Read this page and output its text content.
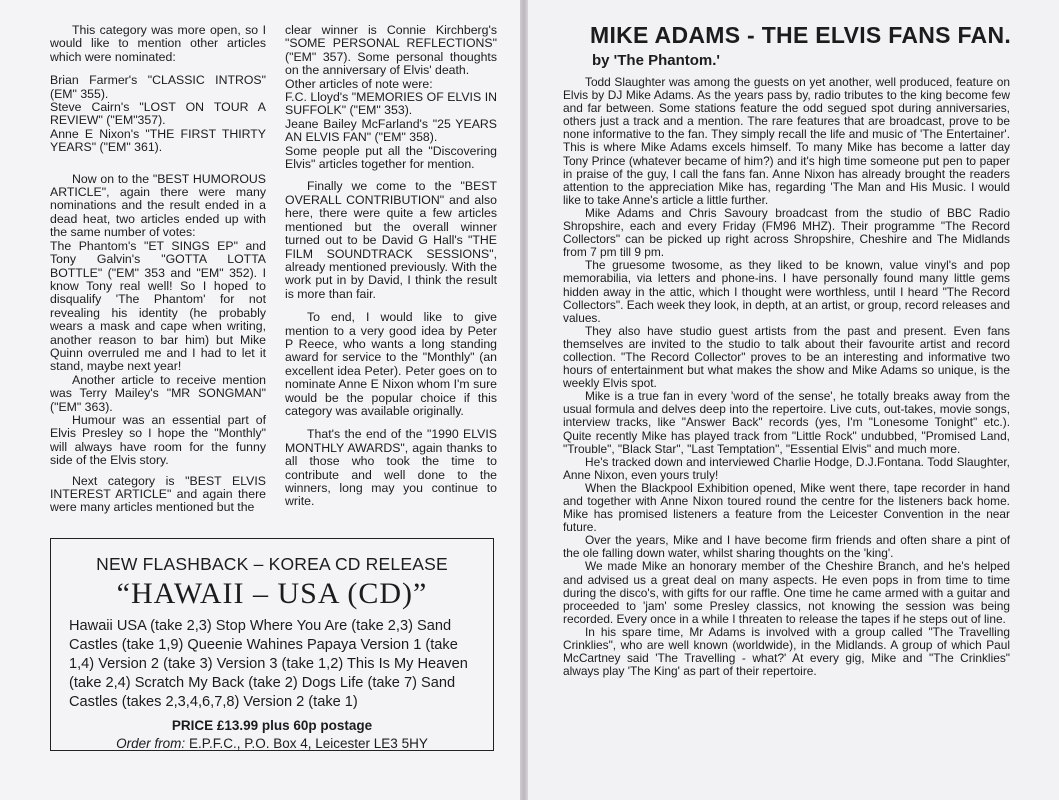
This category was more open, so I would like to mention other articles which were nominated:

Brian Farmer's "CLASSIC INTROS" (EM" 355).

Steve Cairn's "LOST ON TOUR A REVIEW" ("EM"357).

Anne E Nixon's "THE FIRST THIRTY YEARS" ("EM" 361).

Now on to the "BEST HUMOROUS ARTICLE", again there were many nominations and the result ended in a dead heat, two articles ended up with the same number of votes:

The Phantom's "ET SINGS EP" and Tony Galvin's "GOTTA LOTTA BOTTLE" ("EM" 353 and "EM" 352). I know Tony real well! So I hoped to disqualify 'The Phantom' for not revealing his identity (he probably wears a mask and cape when writing, another reason to bar him) but Mike Quinn overruled me and I had to let it stand, maybe next year!

Another article to receive mention was Terry Mailey's "MR SONGMAN" ("EM" 363).

Humour was an essential part of Elvis Presley so I hope the "Monthly" will always have room for the funny side of the Elvis story.

Next category is "BEST ELVIS INTEREST ARTICLE" and again there were many articles mentioned but the

clear winner is Connie Kirchberg's "SOME PERSONAL REFLECTIONS" ("EM" 357). Some personal thoughts on the anniversary of Elvis' death.

Other articles of note were:

F.C. Lloyd's "MEMORIES OF ELVIS IN SUFFOLK" ("EM" 353).

Jeane Bailey McFarland's "25 YEARS AN ELVIS FAN" ("EM" 358).

Some people put all the "Discovering Elvis" articles together for mention.

Finally we come to the "BEST OVERALL CONTRIBUTION" and also here, there were quite a few articles mentioned but the overall winner turned out to be David G Hall's "THE FILM SOUNDTRACK SESSIONS", already mentioned previously. With the work put in by David, I think the result is more than fair.

To end, I would like to give mention to a very good idea by Peter P Reece, who wants a long standing award for service to the "Monthly" (an excellent idea Peter). Peter goes on to nominate Anne E Nixon whom I'm sure would be the popular choice if this category was available originally.

That's the end of the "1990 ELVIS MONTHLY AWARDS", again thanks to all those who took the time to contribute and well done to the winners, long may you continue to write.

NEW FLASHBACK – KOREA CD RELEASE
“HAWAII – USA (CD)”
Hawaii USA (take 2,3) Stop Where You Are (take 2,3) Sand Castles (take 1,9) Queenie Wahines Papaya Version 1 (take 1,4) Version 2 (take 3) Version 3 (take 1,2) This Is My Heaven (take 2,4) Scratch My Back (take 2) Dogs Life (take 7) Sand Castles (takes 2,3,4,6,7,8) Version 2 (take 1)
PRICE £13.99 plus 60p postage
Order from: E.P.F.C., P.O. Box 4, Leicester LE3 5HY
MIKE ADAMS - THE ELVIS FANS FAN.
by 'The Phantom.'

Todd Slaughter was among the guests on yet another, well produced, feature on Elvis by DJ Mike Adams. As the years pass by, radio tributes to the king become few and far between. Some stations feature the odd segued spot during anniversaries, others just a track and a mention. The rare features that are broadcast, prove to be none informative to the fan. They simply recall the life and music of 'The Entertainer'. This is where Mike Adams excels himself. To many Mike has become a latter day Tony Prince (whatever became of him?) and it's high time someone put pen to paper in praise of the guy, I call the fans fan. Anne Nixon has already brought the readers attention to the appreciation Mike has, regarding 'The Man and His Music. I would like to take Anne's article a little further.

Mike Adams and Chris Savoury broadcast from the studio of BBC Radio Shropshire, each and every Friday (FM96 MHZ). Their programme "The Record Collectors" can be picked up right across Shropshire, Cheshire and The Midlands from 7 pm till 9 pm.

The gruesome twosome, as they liked to be known, value vinyl's and pop memorabilia, via letters and phone-ins. I have personally found many little gems hidden away in the attic, which I thought were worthless, until I heard "The Record Collectors". Each week they look, in depth, at an artist, or group, record releases and values.

They also have studio guest artists from the past and present. Even fans themselves are invited to the studio to talk about their favourite artist and record collection. "The Record Collector" proves to be an interesting and informative two hours of entertainment but what makes the show and Mike Adams so unique, is the weekly Elvis spot.

Mike is a true fan in every 'word of the sense', he totally breaks away from the usual formula and delves deep into the repertoire. Live cuts, out-takes, movie songs, interview tracks, like "Answer Back" records (yes, I'm "Lonesome Tonight" etc.). Quite recently Mike has played track from "Little Rock" undubbed, "Promised Land, "Trouble", "Black Star", "Last Temptation", "Essential Elvis" and much more.

He's tracked down and interviewed Charlie Hodge, D.J.Fontana. Todd Slaughter, Anne Nixon, even yours truly!

When the Blackpool Exhibition opened, Mike went there, tape recorder in hand and together with Anne Nixon toured round the centre for the listeners back home. Mike has promised listeners a feature from the Leicester Convention in the near future.

Over the years, Mike and I have become firm friends and often share a pint of the ole falling down water, whilst sharing thoughts on the 'king'.

We made Mike an honorary member of the Cheshire Branch, and he's helped and advised us a great deal on many aspects. He even pops in from time to time during the disco's, with gifts for our raffle. One time he came armed with a guitar and proceeded to 'jam' some Presley classics, not knowing the session was being recorded. Every once in a while I threaten to release the tapes if he steps out of line.

In his spare time, Mr Adams is involved with a group called "The Travelling Crinklies", who are well known (worldwide), in the Midlands. A group of which Paul McCartney said 'The Travelling - what?' At every gig, Mike and "The Crinklies" always play 'The King' as part of their repertoire.
